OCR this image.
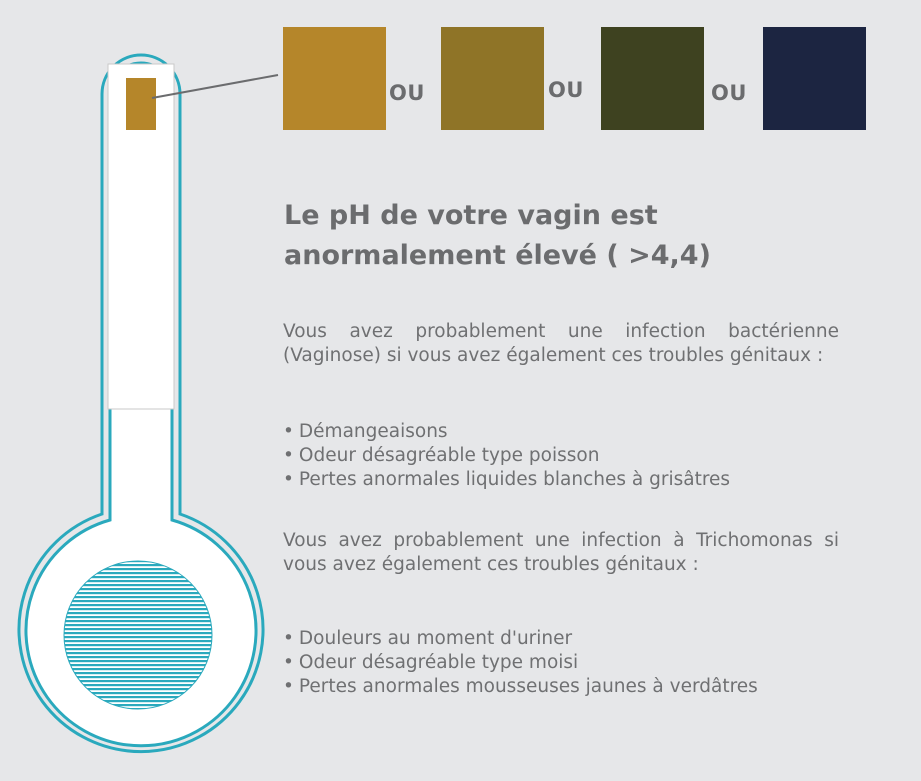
OU	OU	OU
Le pH de votre vagin est
anormalement élevé ( >4,4)

Vous avez probablement une infection bactérienne (Vaginose) si vous avez également ces troubles génitaux :

• Démangeaisons
• Odeur désagréable type poisson
• Pertes anormales liquides blanches à grisâtres

Vous avez probablement une infection à Trichomonas si vous avez également ces troubles génitaux :

• Douleurs au moment d'uriner
• Odeur désagréable type moisi
• Pertes anormales mousseuses jaunes à verdâtres
